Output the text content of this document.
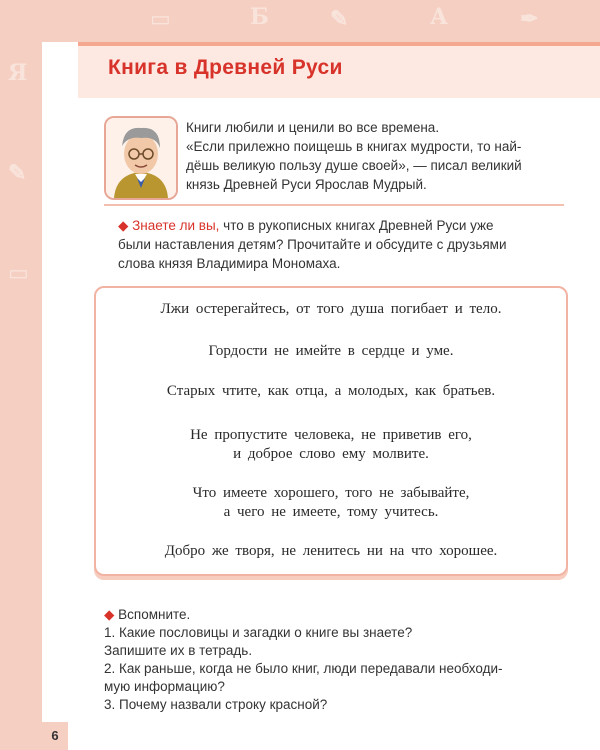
▭	Б	✎	А	✒
Я
✎
▭
Книга в Древней Руси

Книги любили и ценили во все времена.

«Если прилежно поищешь в книгах мудрости, то най-

дёшь великую пользу душе своей», — писал великий

князь Древней Руси Ярослав Мудрый.

◆ Знаете ли вы, что в рукописных книгах Древней Руси уже
были наставления детям? Прочитайте и обсудите с друзьями
слова князя Владимира Мономаха.
Лжи остерегайтесь, от того душа погибает и тело.
Гордости не имейте в сердце и уме.
Старых чтите, как отца, а молодых, как братьев.
Не пропустите человека, не приветив его,
и доброе слово ему молвите.
Что имеете хорошего, того не забывайте,
а чего не имеете, тому учитесь.
Добро же творя, не ленитесь ни на что хорошее.

◆ Вспомните.

1. Какие пословицы и загадки о книге вы знаете?

Запишите их в тетрадь.

2. Как раньше, когда не было книг, люди передавали необходи-

мую информацию?

3. Почему назвали строку красной?

6
